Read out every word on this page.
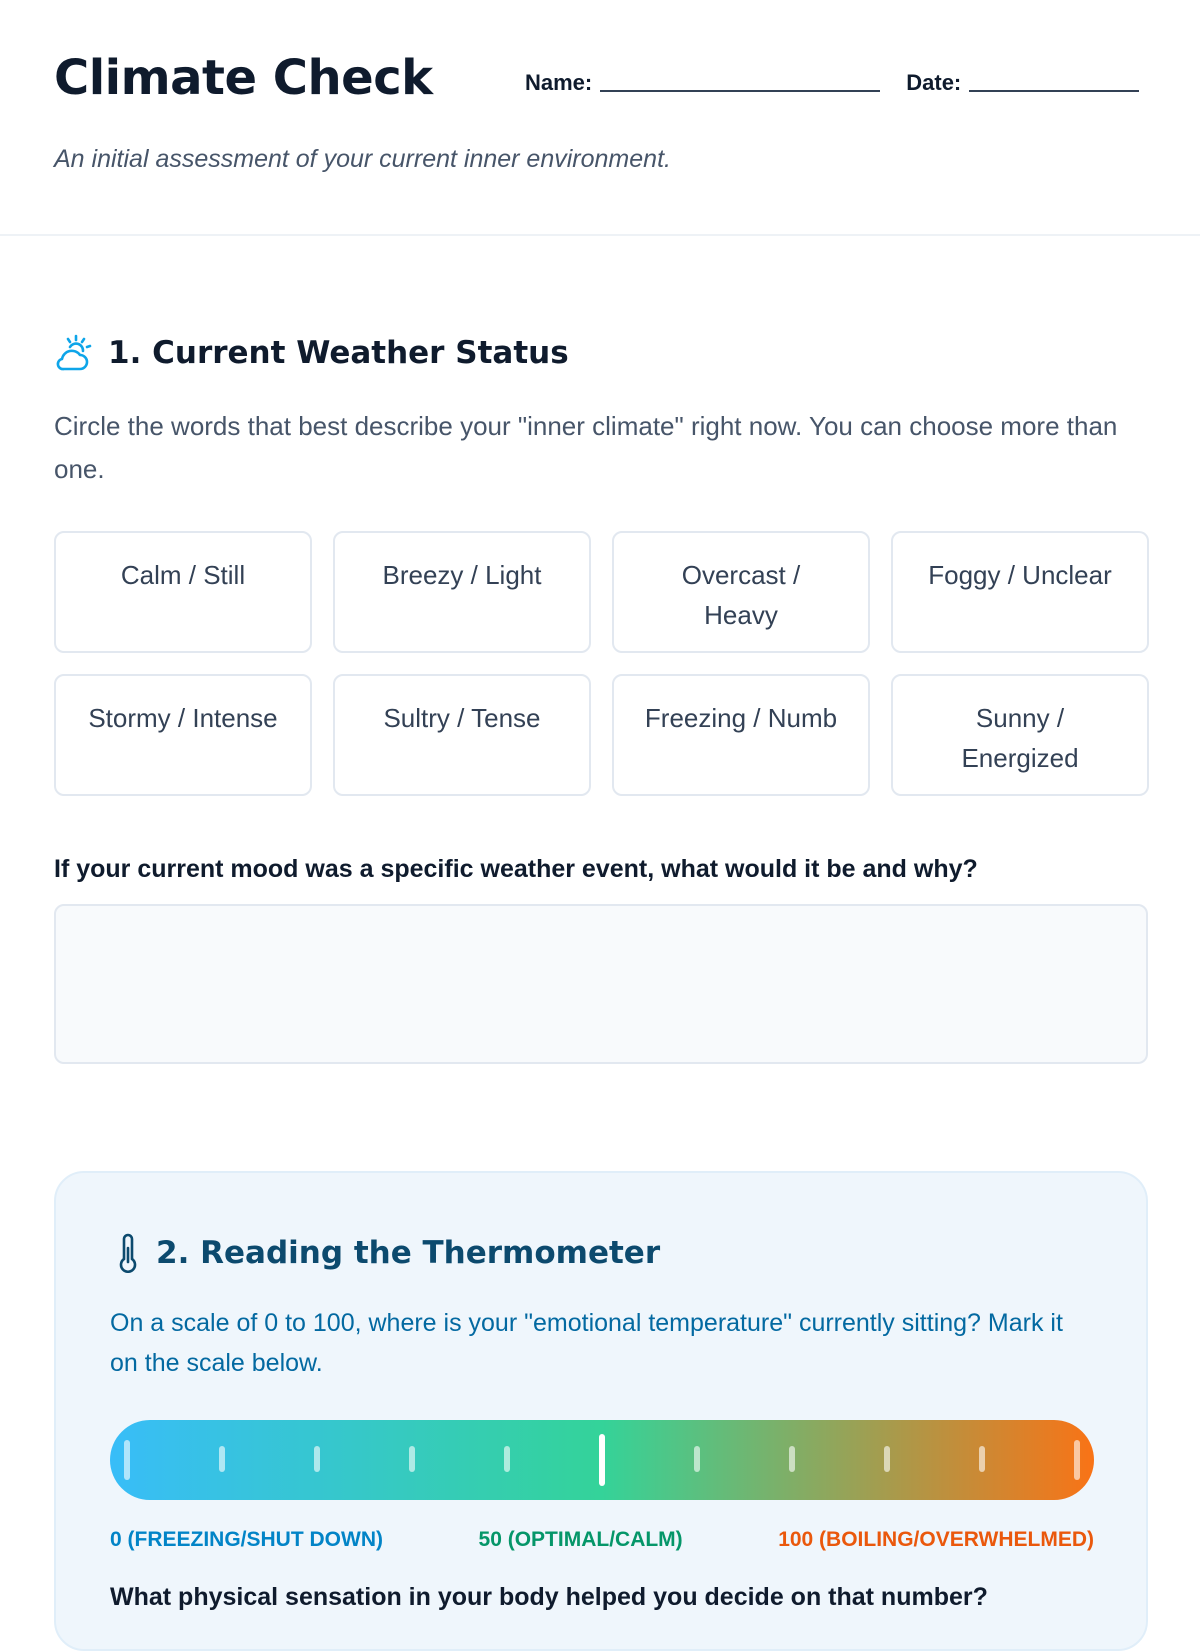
Climate Check	Name:	Date:

An initial assessment of your current inner environment.

1. Current Weather Status

Circle the words that best describe your "inner climate" right now. You can choose more than one.

Calm / Still	Breezy / Light	Overcast / Heavy
Foggy / Unclear
Stormy / Intense	Sultry / Tense	Freezing / Numb	Sunny / Energized

If your current mood was a specific weather event, what would it be and why?

2. Reading the Thermometer

On a scale of 0 to 100, where is your "emotional temperature" currently sitting? Mark it on the scale below.

0 (FREEZING/SHUT DOWN)	50 (OPTIMAL/CALM)	100 (BOILING/OVERWHELMED)

What physical sensation in your body helped you decide on that number?
